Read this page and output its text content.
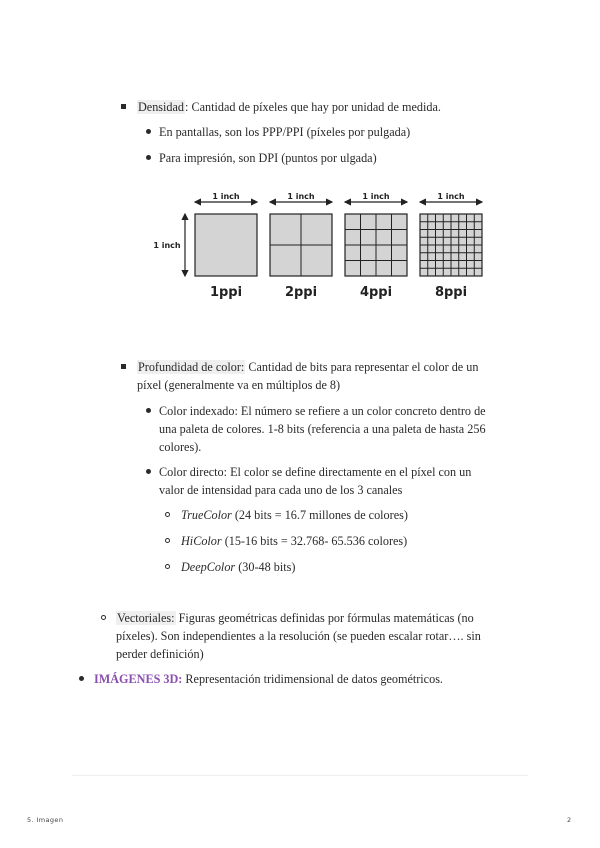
Densidad: Cantidad de píxeles que hay por unidad de medida.
En pantallas, son los PPP/PPI (píxeles por pulgada)
Para impresión, son DPI (puntos por ulgada)
1 inch
1 inch
1ppi
1 inch
2ppi
1 inch
4ppi
1 inch
8ppi
Profundidad de color: Cantidad de bits para representar el color de un
píxel (generalmente va en múltiplos de 8)
Color indexado: El número se refiere a un color concreto dentro de
una paleta de colores. 1-8 bits (referencia a una paleta de hasta 256
colores).
Color directo: El color se define directamente en el píxel con un
valor de intensidad para cada uno de los 3 canales
TrueColor (24 bits = 16.7 millones de colores)
HiColor (15-16 bits = 32.768- 65.536 colores)
DeepColor (30-48 bits)
Vectoriales: Figuras geométricas definidas por fórmulas matemáticas (no
píxeles). Son independientes a la resolución (se pueden escalar rotar…. sin
perder definición)
IMÁGENES 3D: Representación tridimensional de datos geométricos.
5. Imagen	2
